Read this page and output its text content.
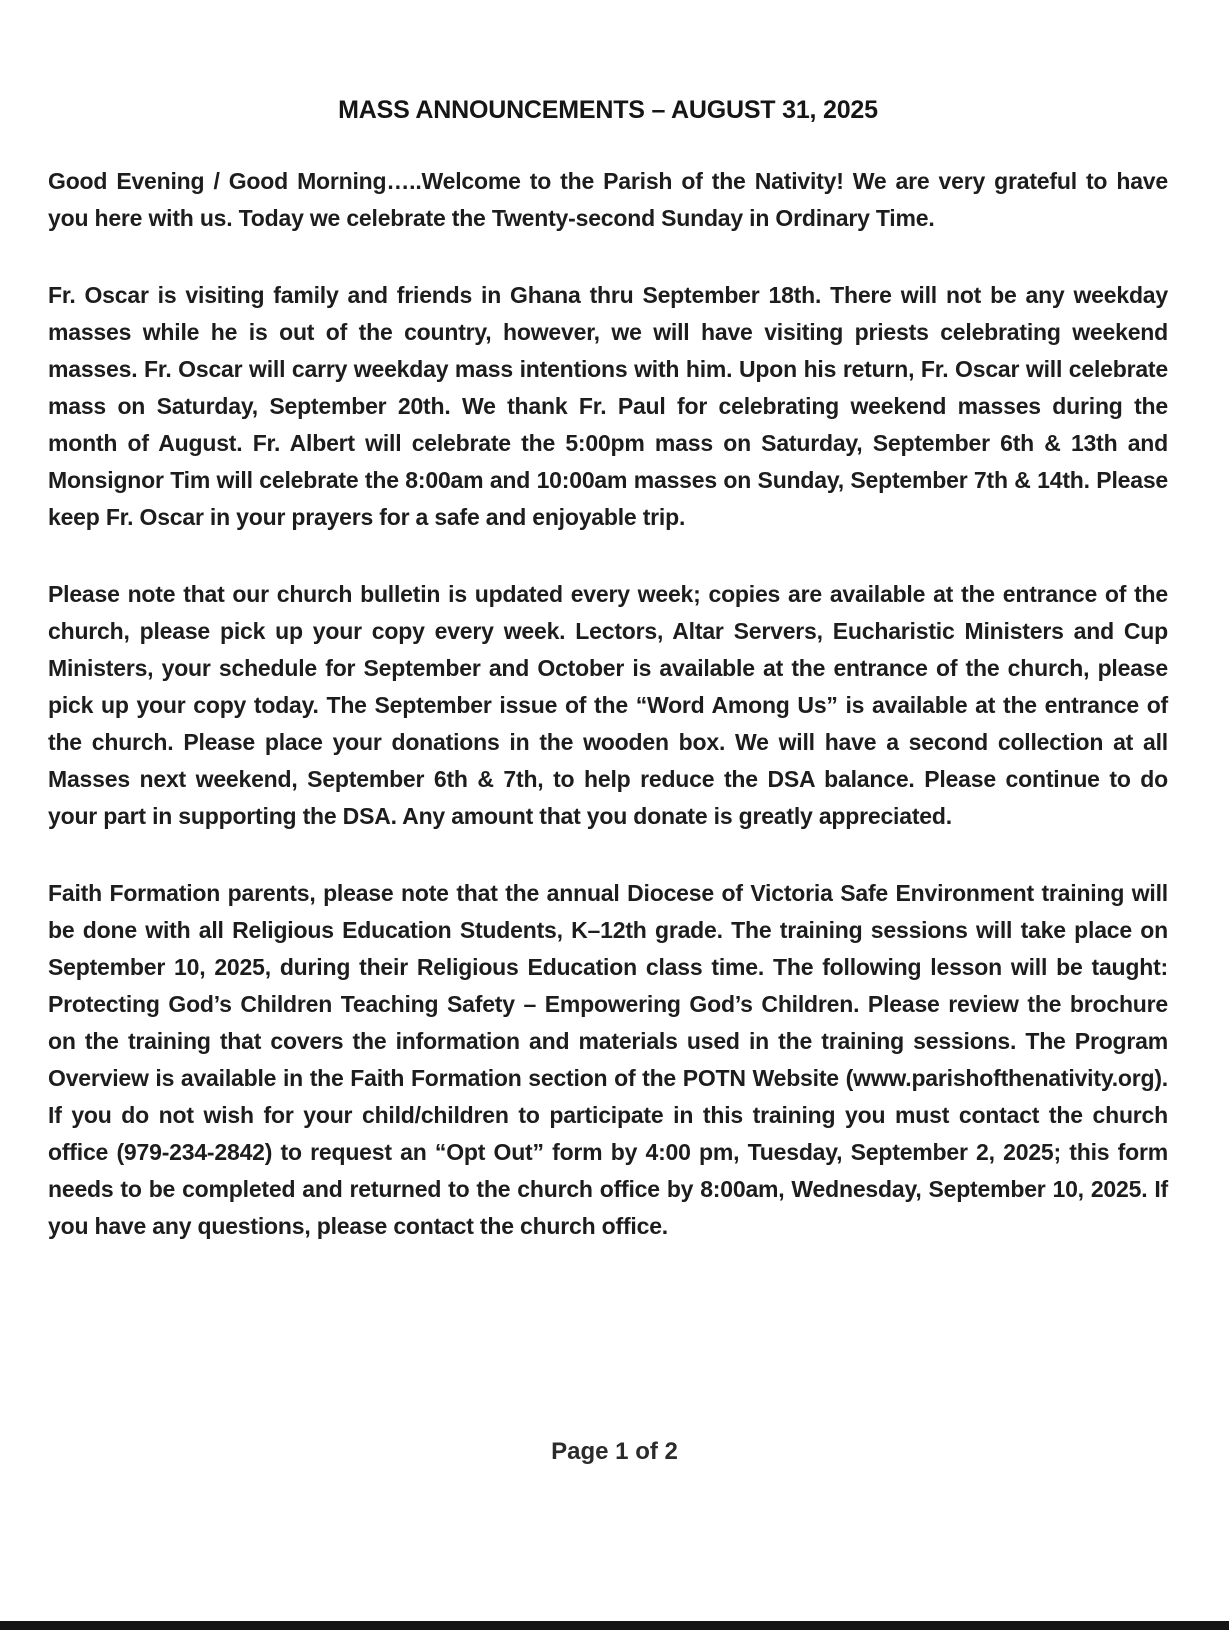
MASS ANNOUNCEMENTS – AUGUST 31, 2025

Good Evening / Good Morning…..Welcome to the Parish of the Nativity! We are very grateful to have you here with us. Today we celebrate the Twenty-second Sunday in Ordinary Time.

Fr. Oscar is visiting family and friends in Ghana thru September 18th. There will not be any weekday masses while he is out of the country, however, we will have visiting priests celebrating weekend masses. Fr. Oscar will carry weekday mass intentions with him. Upon his return, Fr. Oscar will celebrate mass on Saturday, September 20th. We thank Fr. Paul for celebrating weekend masses during the month of August. Fr. Albert will celebrate the 5:00pm mass on Saturday, September 6th & 13th and Monsignor Tim will celebrate the 8:00am and 10:00am masses on Sunday, September 7th & 14th. Please keep Fr. Oscar in your prayers for a safe and enjoyable trip.

Please note that our church bulletin is updated every week; copies are available at the entrance of the church, please pick up your copy every week. Lectors, Altar Servers, Eucharistic Ministers and Cup Ministers, your schedule for September and October is available at the entrance of the church, please pick up your copy today. The September issue of the “Word Among Us” is available at the entrance of the church. Please place your donations in the wooden box. We will have a second collection at all Masses next weekend, September 6th & 7th, to help reduce the DSA balance. Please continue to do your part in supporting the DSA. Any amount that you donate is greatly appreciated.

Faith Formation parents, please note that the annual Diocese of Victoria Safe Environment training will be done with all Religious Education Students, K–12th grade. The training sessions will take place on September 10, 2025, during their Religious Education class time. The following lesson will be taught: Protecting God’s Children Teaching Safety – Empowering God’s Children. Please review the brochure on the training that covers the information and materials used in the training sessions. The Program Overview is available in the Faith Formation section of the POTN Website (www.parishofthenativity.org). If you do not wish for your child/children to participate in this training you must contact the church office (979-234-2842) to request an “Opt Out” form by 4:00 pm, Tuesday, September 2, 2025; this form needs to be completed and returned to the church office by 8:00am, Wednesday, September 10, 2025. If you have any questions, please contact the church office.

Page 1 of 2
